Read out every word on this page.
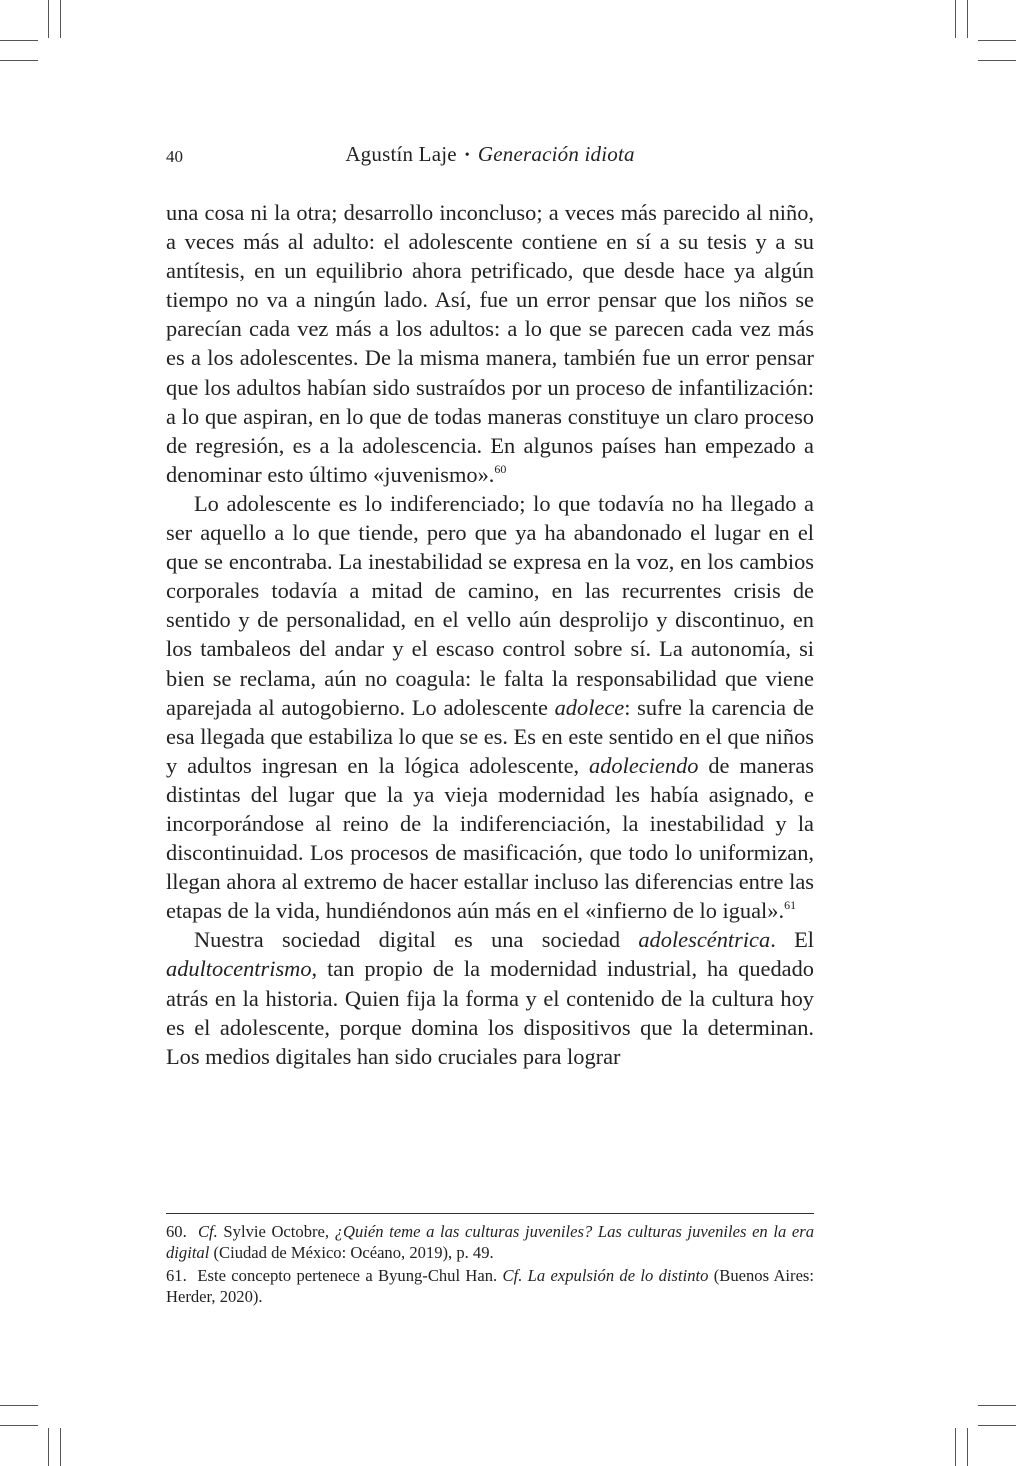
40	Agustín Laje • Generación idiota

una cosa ni la otra; desarrollo inconcluso; a veces más parecido al niño, a veces más al adulto: el adolescente contiene en sí a su tesis y a su antítesis, en un equilibrio ahora petrificado, que desde hace ya algún tiempo no va a ningún lado. Así, fue un error pensar que los niños se parecían cada vez más a los adultos: a lo que se parecen cada vez más es a los adolescentes. De la misma manera, también fue un error pensar que los adultos habían sido sustraídos por un proceso de infantilización: a lo que aspiran, en lo que de todas maneras constituye un claro proceso de regresión, es a la adolescencia. En algunos países han empezado a denominar esto último «juvenismo».$^{60}$

Lo adolescente es lo indiferenciado; lo que todavía no ha llegado a ser aquello a lo que tiende, pero que ya ha abandonado el lugar en el que se encontraba. La inestabilidad se expresa en la voz, en los cambios corporales todavía a mitad de camino, en las recurrentes crisis de sentido y de personalidad, en el vello aún desprolijo y discontinuo, en los tambaleos del andar y el escaso control sobre sí. La autonomía, si bien se reclama, aún no coagula: le falta la responsabilidad que viene aparejada al autogobierno. Lo adolescente adolece: sufre la carencia de esa llegada que estabiliza lo que se es. Es en este sentido en el que niños y adultos ingresan en la lógica adolescente, adoleciendo de maneras distintas del lugar que la ya vieja modernidad les había asignado, e incorporándose al reino de la indiferenciación, la inestabilidad y la discontinuidad. Los procesos de masificación, que todo lo uniformizan, llegan ahora al extremo de hacer estallar incluso las diferencias entre las etapas de la vida, hundiéndonos aún más en el «infierno de lo igual».$^{61}$

Nuestra sociedad digital es una sociedad adolescéntrica. El adultocentrismo, tan propio de la modernidad industrial, ha quedado atrás en la historia. Quien fija la forma y el contenido de la cultura hoy es el adolescente, porque domina los dispositivos que la determinan. Los medios digitales han sido cruciales para lograr

60. Cf. Sylvie Octobre, ¿Quién teme a las culturas juveniles? Las culturas juveniles en la era digital (Ciudad de México: Océano, 2019), p. 49.

61. Este concepto pertenece a Byung-Chul Han. Cf. La expulsión de lo distinto (Buenos Aires: Herder, 2020).
